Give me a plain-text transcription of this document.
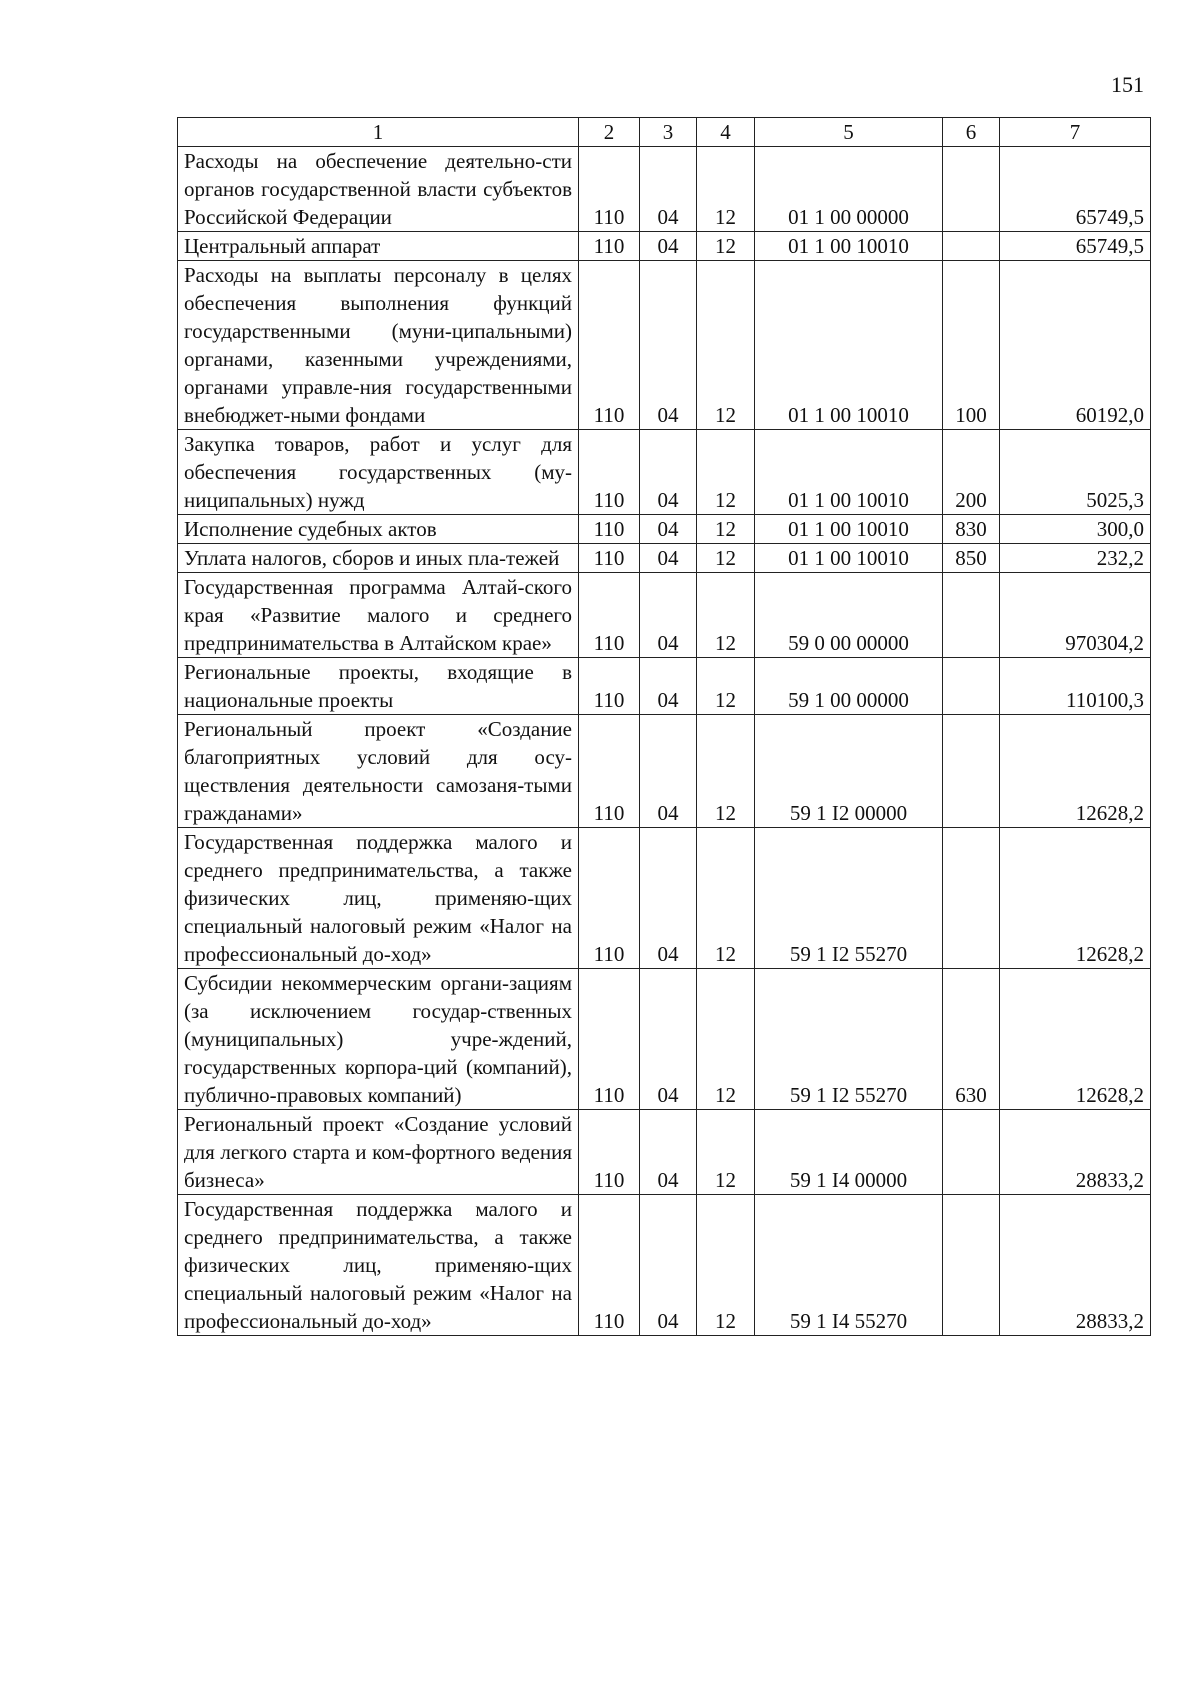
151
1	2	3	4	5	6	7
Расходы на обеспечение деятельно-сти органов государственной власти субъектов Российской Федерации	110	04	12	01 1 00 00000		65749,5
Центральный аппарат	110	04	12	01 1 00 10010		65749,5
Расходы на выплаты персоналу в целях обеспечения выполнения функций государственными (муни-ципальными) органами, казенными учреждениями, органами управле-ния государственными внебюджет-ными фондами	110	04	12	01 1 00 10010	100	60192,0
Закупка товаров, работ и услуг для обеспечения государственных (му-ниципальных) нужд	110	04	12	01 1 00 10010	200	5025,3
Исполнение судебных актов	110	04	12	01 1 00 10010	830	300,0
Уплата налогов, сборов и иных пла-тежей	110	04	12	01 1 00 10010	850	232,2
Государственная программа Алтай-ского края «Развитие малого и среднего предпринимательства в Алтайском крае»	110	04	12	59 0 00 00000		970304,2
Региональные проекты, входящие в национальные проекты	110	04	12	59 1 00 00000		110100,3
Региональный проект «Создание благоприятных условий для осу-ществления деятельности самозаня-тыми гражданами»	110	04	12	59 1 I2 00000		12628,2
Государственная поддержка малого и среднего предпринимательства, а также физических лиц, применяю-щих специальный налоговый режим «Налог на профессиональный до-ход»	110	04	12	59 1 I2 55270		12628,2
Субсидии некоммерческим органи-зациям (за исключением государ-ственных (муниципальных) учре-ждений, государственных корпора-ций (компаний), публично-правовых компаний)	110	04	12	59 1 I2 55270	630	12628,2
Региональный проект «Создание условий для легкого старта и ком-фортного ведения бизнеса»	110	04	12	59 1 I4 00000		28833,2
Государственная поддержка малого и среднего предпринимательства, а также физических лиц, применяю-щих специальный налоговый режим «Налог на профессиональный до-ход»	110	04	12	59 1 I4 55270		28833,2
